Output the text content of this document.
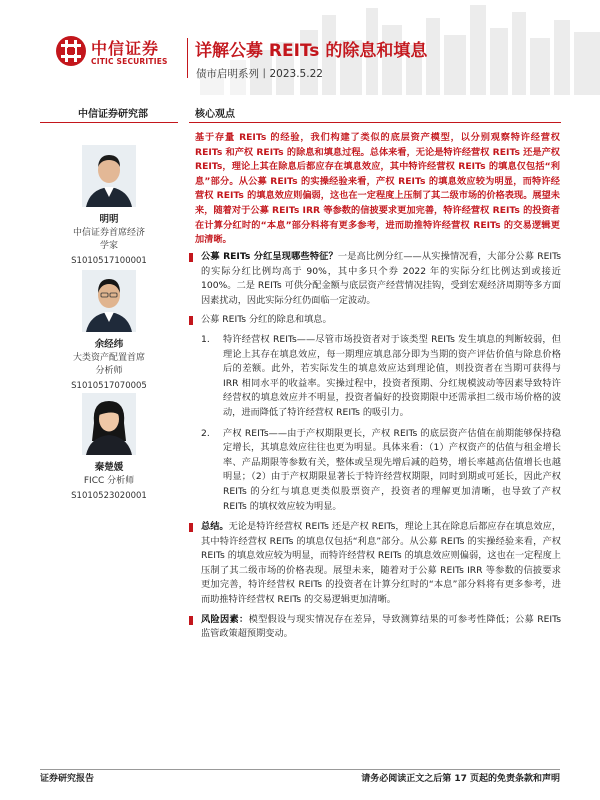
中信证券
CITIC SECURITIES
详解公募 REITs 的除息和填息
债市启明系列丨2023.5.22
中信证券研究部	核心观点
明明
中信证券首席经济
学家
S1010517100001
余经纬
大类资产配置首席
分析师
S1010517070005
秦楚媛
FICC 分析师
S1010523020001
基于存量 REITs 的经验，我们构建了类似的底层资产模型，以分别观察特许经营权 REITs 和产权 REITs 的除息和填息过程。总体来看，无论是特许经营权 REITs 还是产权 REITs，理论上其在除息后都应存在填息效应，其中特许经营权 REITs 的填息仅包括“利息”部分。从公募 REITs 的实操经验来看，产权 REITs 的填息效应较为明显，而特许经营权 REITs 的填息效应则偏弱，这也在一定程度上压制了其二级市场的价格表现。展望未来，随着对于公募 REITs IRR 等参数的信披要求更加完善，特许经营权 REITs 的投资者在计算分红时的“本息”部分料将有更多参考，进而助推特许经营权 REITs 的交易逻辑更加清晰。
公募 REITs 分红呈现哪些特征？一是高比例分红——从实操情况看，大部分公募 REITs 的实际分红比例均高于 90%，其中多只个券 2022 年的实际分红比例达到或接近 100%。二是 REITs 可供分配金额与底层资产经营情况挂钩，受到宏观经济周期等多方面因素扰动，因此实际分红仍面临一定波动。
公募 REITs 分红的除息和填息。
1. 特许经营权 REITs——尽管市场投资者对于该类型 REITs 发生填息的判断较弱，但理论上其存在填息效应，每一期理应填息部分即为当期的资产评估价值与除息价格后的差额。此外，若实际发生的填息效应达到理论值，则投资者在当期可获得与 IRR 相同水平的收益率。实操过程中，投资者预期、分红规模波动等因素导致特许经营权的填息效应并不明显，投资者偏好的投资期限中还需承担二级市场价格的波动，进而降低了特许经营权 REITs 的吸引力。
2. 产权 REITs——由于产权期限更长，产权 REITs 的底层资产估值在前期能够保持稳定增长，其填息效应往往也更为明显。具体来看：（1）产权资产的估值与租金增长率、产品期限等参数有关，整体或呈现先增后减的趋势，增长率越高估值增长也越明显；（2）由于产权期限显著长于特许经营权期限，同时到期或可延长，因此产权 REITs 的分红与填息更类似股票资产，投资者的理解更加清晰，也导致了产权 REITs 的填权效应较为明显。
总结。无论是特许经营权 REITs 还是产权 REITs，理论上其在除息后都应存在填息效应，其中特许经营权 REITs 的填息仅包括“利息”部分。从公募 REITs 的实操经验来看，产权 REITs 的填息效应较为明显，而特许经营权 REITs 的填息效应则偏弱，这也在一定程度上压制了其二级市场的价格表现。展望未来，随着对于公募 REITs IRR 等参数的信披要求更加完善，特许经营权 REITs 的投资者在计算分红时的“本息”部分料将有更多参考，进而助推特许经营权 REITs 的交易逻辑更加清晰。
风险因素：模型假设与现实情况存在差异，导致测算结果的可参考性降低；公募 REITs 监管政策超预期变动。
证券研究报告	请务必阅读正文之后第 17 页起的免责条款和声明
